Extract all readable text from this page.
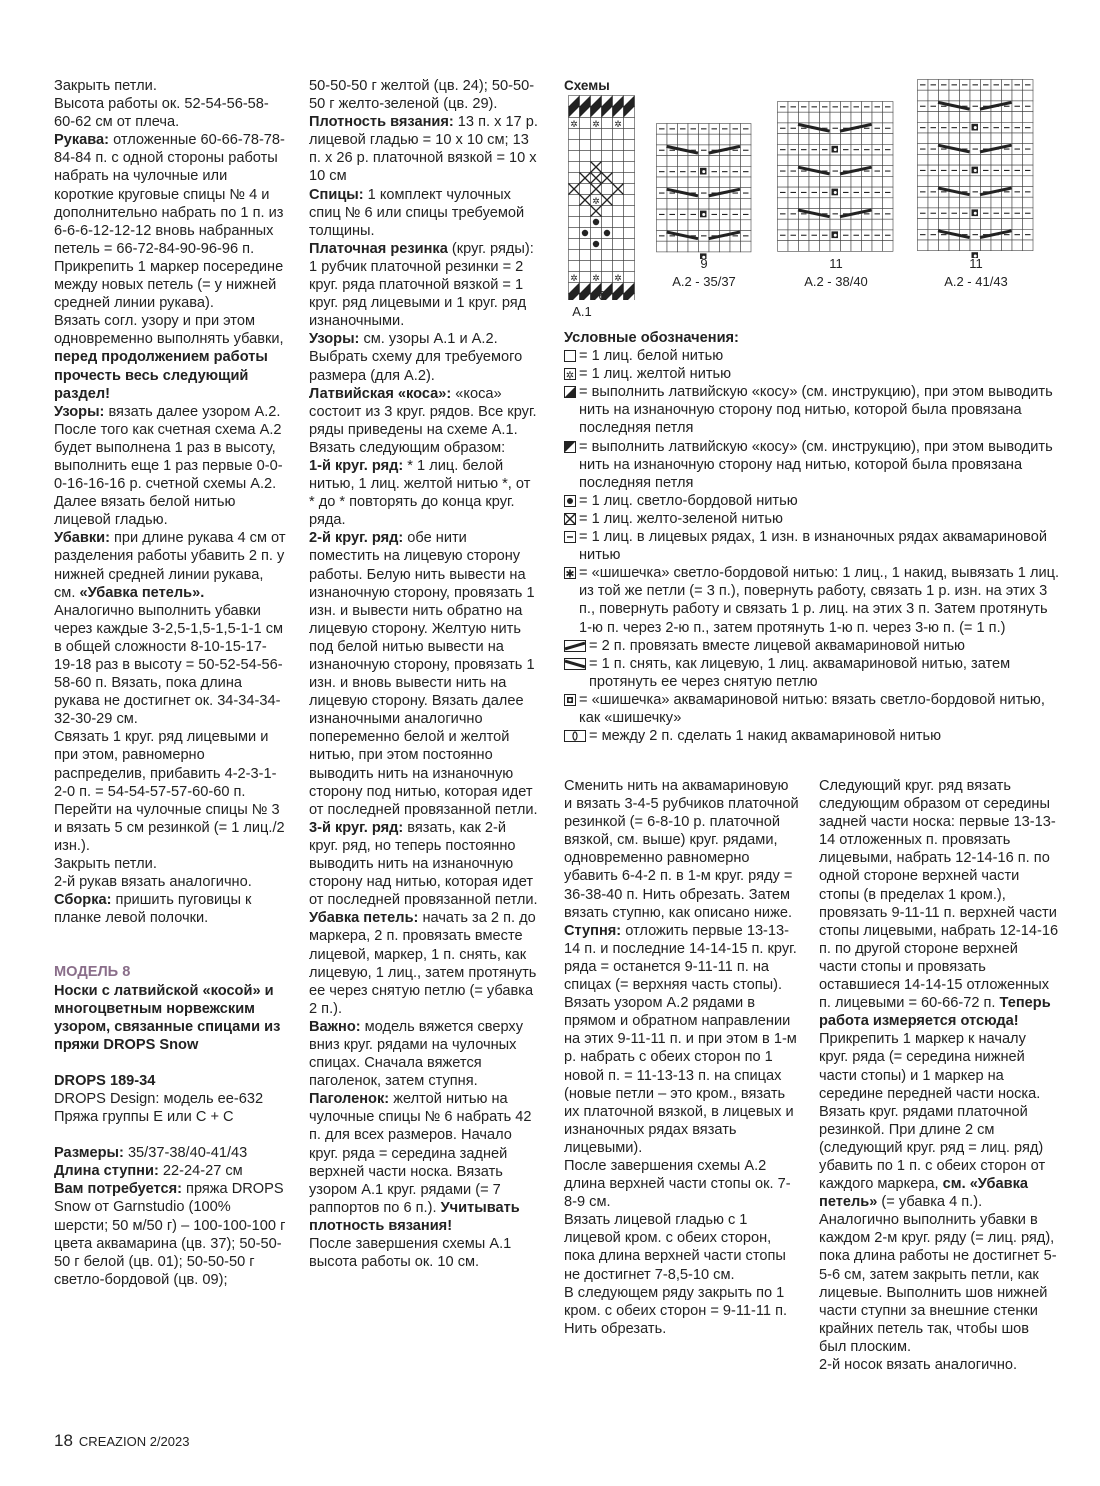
Закрыть петли.

Высота работы ок. 52-54-56-58-60-62 см от плеча.

Рукава: отложенные 60-66-78-78-84-84 п. с одной стороны работы набрать на чулочные или короткие круговые спицы № 4 и дополнительно набрать по 1 п. из 6-6-6-12-12-12 вновь набранных петель = 66-72-84-90-96-96 п.

Прикрепить 1 маркер посередине между новых петель (= у нижней средней линии рукава).

Вязать согл. узору и при этом одновременно выполнять убавки, перед продолжением работы прочесть весь следующий раздел!

Узоры: вязать далее узором А.2. После того как счетная схема А.2 будет выполнена 1 раз в высоту, выполнить еще 1 раз первые 0-0-0-16-16-16 р. счетной схемы А.2. Далее вязать белой нитью лицевой гладью.

Убавки: при длине рукава 4 см от разделения работы убавить 2 п. у нижней средней линии рукава, см. «Убавка петель».

Аналогично выполнить убавки через каждые 3-2,5-1,5-1,5-1-1 см в общей сложности 8-10-15-17-19-18 раз в высоту = 50-52-54-56-58-60 п. Вязать, пока длина рукава не достигнет ок. 34-34-34-32-30-29 см.

Связать 1 круг. ряд лицевыми и при этом, равномерно распределив, прибавить 4-2-3-1-2-0 п. = 54-54-57-57-60-60 п.

Перейти на чулочные спицы № 3 и вязать 5 см резинкой (= 1 лиц./2 изн.).

Закрыть петли.

2-й рукав вязать аналогично.

Сборка: пришить пуговицы к планке левой полочки.

МОДЕЛЬ 8

Носки с латвийской «косой» и многоцветным норвежским узором, связанные спицами из пряжи DROPS Snow

DROPS 189-34

DROPS Design: модель ee-632

Пряжа группы E или C + C

Размеры: 35/37-38/40-41/43

Длина ступни: 22-24-27 см

Вам потребуется: пряжа DROPS Snow от Garnstudio (100% шерсти; 50 м/50 г) – 100-100-100 г цвета аквамарина (цв. 37); 50-50-50 г белой (цв. 01); 50-50-50 г светло-бордовой (цв. 09);

50-50-50 г желтой (цв. 24); 50-50-50 г желто-зеленой (цв. 29).

Плотность вязания: 13 п. х 17 р. лицевой гладью = 10 х 10 см; 13 п. х 26 р. платочной вязкой = 10 х 10 см

Спицы: 1 комплект чулочных спиц № 6 или спицы требуемой толщины.

Платочная резинка (круг. ряды): 1 рубчик платочной резинки = 2 круг. ряда платочной вязкой = 1 круг. ряд лицевыми и 1 круг. ряд изнаночными.

Узоры: см. узоры А.1 и А.2. Выбрать схему для требуемого размера (для А.2).

Латвийская «коса»: «коса» состоит из 3 круг. рядов. Все круг. ряды приведены на схеме А.1. Вязать следующим образом:

1-й круг. ряд: * 1 лиц. белой нитью, 1 лиц. желтой нитью *, от * до * повторять до конца круг. ряда.

2-й круг. ряд: обе нити поместить на лицевую сторону работы. Белую нить вывести на изнаночную сторону, провязать 1 изн. и вывести нить обратно на лицевую сторону. Желтую нить под белой нитью вывести на изнаночную сторону, провязать 1 изн. и вновь вывести нить на лицевую сторону. Вязать далее изнаночными аналогично попеременно белой и желтой нитью, при этом постоянно выводить нить на изнаночную сторону под нитью, которая идет от последней провязанной петли.

3-й круг. ряд: вязать, как 2-й круг. ряд, но теперь постоянно выводить нить на изнаночную сторону над нитью, которая идет от последней провязанной петли.

Убавка петель: начать за 2 п. до маркера, 2 п. провязать вместе лицевой, маркер, 1 п. снять, как лицевую, 1 лиц., затем протянуть ее через снятую петлю (= убавка 2 п.).

Важно: модель вяжется сверху вниз круг. рядами на чулочных спицах. Сначала вяжется паголенок, затем ступня.

Паголенок: желтой нитью на чулочные спицы № 6 набрать 42 п. для всех размеров. Начало круг. ряда = середина задней верхней части носка. Вязать узором А.1 круг. рядами (= 7 раппортов по 6 п.). Учитывать плотность вязания!

После завершения схемы А.1 высота работы ок. 10 см.

Схемы
✲ ✲ ✲
✲
✲ ✲ ✲
6
А.1
9
А.2 - 35/37
11
А.2 - 38/40
11
А.2 - 41/43

Условные обозначения:

= 1 лиц. белой нитью
✲ = 1 лиц. желтой нитью
= выполнить латвийскую «косу» (см. инструкцию), при этом выводить нить на изнаночную сторону под нитью, которой была провязана последняя петля
= выполнить латвийскую «косу» (см. инструкцию), при этом выводить нить на изнаночную сторону над нитью, которой была провязана последняя петля
= 1 лиц. светло-бордовой нитью
= 1 лиц. желто-зеленой нитью
= 1 лиц. в лицевых рядах, 1 изн. в изнаночных рядах аквамариновой нитью
✱ = «шишечка» светло-бордовой нитью: 1 лиц., 1 накид, вывязать 1 лиц. из той же петли (= 3 п.), повернуть работу, связать 1 р. изн. на этих 3 п., повернуть работу и связать 1 р. лиц. на этих 3 п. Затем протянуть 1-ю п. через 2-ю п., затем протянуть 1-ю п. через 3-ю п. (= 1 п.)
= 2 п. провязать вместе лицевой аквамариновой нитью
= 1 п. снять, как лицевую, 1 лиц. аквамариновой нитью, затем протянуть ее через снятую петлю
= «шишечка» аквамариновой нитью: вязать светло-бордовой нитью, как «шишечку»
= между 2 п. сделать 1 накид аквамариновой нитью

Сменить нить на аквамариновую и вязать 3-4-5 рубчиков платочной резинкой (= 6-8-10 р. платочной вязкой, см. выше) круг. рядами, одновременно равномерно убавить 6-4-2 п. в 1-м круг. ряду = 36-38-40 п. Нить обрезать. Затем вязать ступню, как описано ниже.

Ступня: отложить первые 13-13-14 п. и последние 14-14-15 п. круг. ряда = останется 9-11-11 п. на спицах (= верхняя часть стопы). Вязать узором А.2 рядами в прямом и обратном направлении на этих 9-11-11 п. и при этом в 1-м р. набрать с обеих сторон по 1 новой п. = 11-13-13 п. на спицах (новые петли – это кром., вязать их платочной вязкой, в лицевых и изнаночных рядах вязать лицевыми).

После завершения схемы А.2 длина верхней части стопы ок. 7-8-9 см.

Вязать лицевой гладью с 1 лицевой кром. с обеих сторон, пока длина верхней части стопы не достигнет 7-8,5-10 см.

В следующем ряду закрыть по 1 кром. с обеих сторон = 9-11-11 п. Нить обрезать.

Следующий круг. ряд вязать следующим образом от середины задней части носка: первые 13-13-14 отложенных п. провязать лицевыми, набрать 12-14-16 п. по одной стороне верхней части стопы (в пределах 1 кром.), провязать 9-11-11 п. верхней части стопы лицевыми, набрать 12-14-16 п. по другой стороне верхней части стопы и провязать оставшиеся 14-14-15 отложенных п. лицевыми = 60-66-72 п. Теперь работа измеряется отсюда!

Прикрепить 1 маркер к началу круг. ряда (= середина нижней части стопы) и 1 маркер на середине передней части носка. Вязать круг. рядами платочной резинкой. При длине 2 см (следующий круг. ряд = лиц. ряд) убавить по 1 п. с обеих сторон от каждого маркера, см. «Убавка петель» (= убавка 4 п.).

Аналогично выполнить убавки в каждом 2-м круг. ряду (= лиц. ряд), пока длина работы не достигнет 5-5-6 см, затем закрыть петли, как лицевые. Выполнить шов нижней части ступни за внешние стенки крайних петель так, чтобы шов был плоским.

2-й носок вязать аналогично.

18 CREAZION 2/2023
